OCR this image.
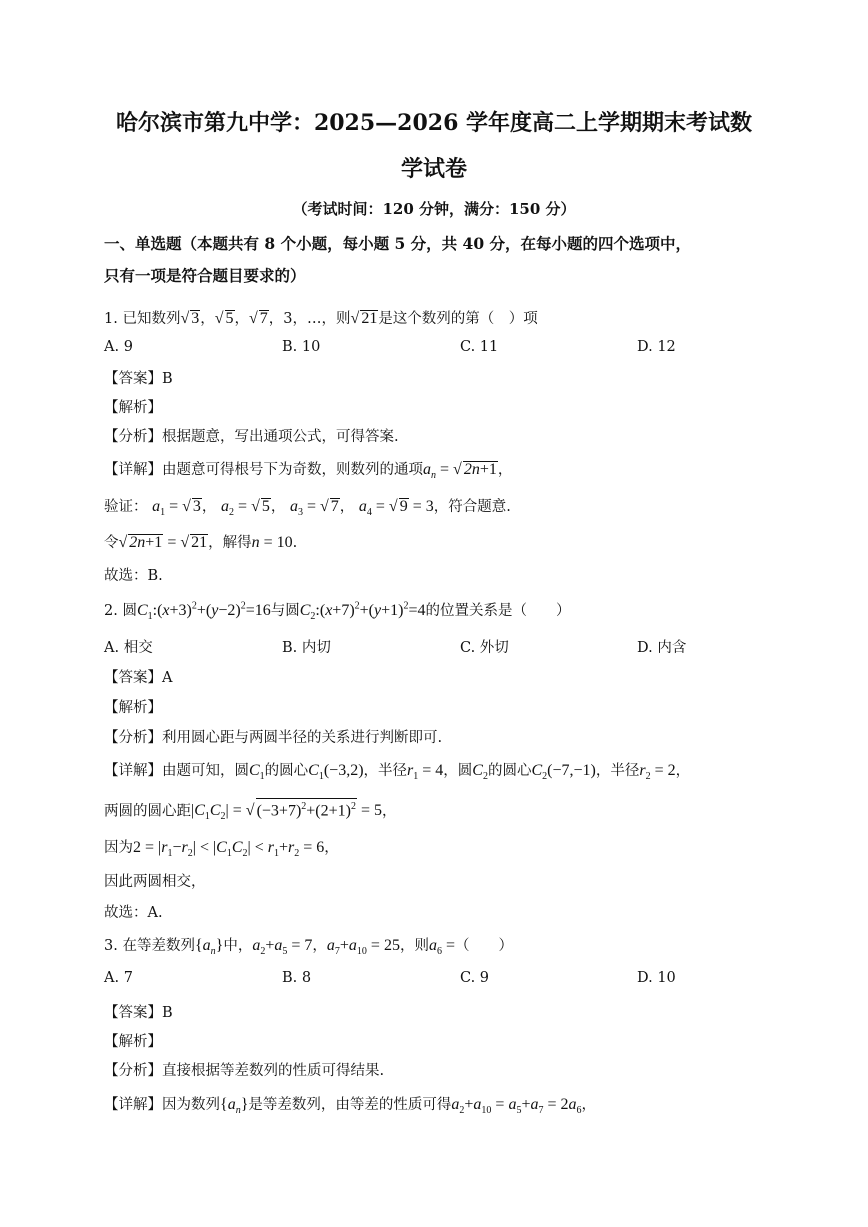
哈尔滨市第九中学：2025—2026 学年度高二上学期期末考试数
学试卷
（考试时间：120 分钟，满分：150 分）
一、单选题（本题共有 8 个小题，每小题 5 分，共 40 分，在每小题的四个选项中，
只有一项是符合题目要求的）
1. 已知数列√ 3，√ 5，√ 7，3，…，则√ 21是这个数列的第（　）项
A. 9	B. 10	C. 11	D. 12
【答案】B
【解析】
【分析】根据题意，写出通项公式，可得答案.
【详解】由题意可得根号下为奇数，则数列的通项$a_n$ = √ 2n+1，
验证： $a_1$ = √ 3， $a_2$ = √ 5， $a_3$ = √ 7， $a_4$ = √ 9 = 3，符合题意.
令√ 2n+1 = √ 21，解得n = 10.
故选：B.
2. 圆$C_1:(x+3)^2+(y-2)^2=16$与圆$C_2:(x+7)^2+(y+1)^2=4$的位置关系是（　　）
A. 相交	B. 内切	C. 外切	D. 内含
【答案】A
【解析】
【分析】利用圆心距与两圆半径的关系进行判断即可.
【详解】由题可知，圆$C_1$的圆心$C_1(-3,2)$，半径$r_1 = 4$，圆$C_2$的圆心$C_2(-7,-1)$，半径$r_2 = 2$，
两圆的圆心距$|C_1C_2|$ = √ $(-3+7)^2+(2+1)^2 = 5$，
因为$2 = |r_1-r_2| < |C_1C_2| < r_1+r_2 = 6$，
因此两圆相交，
故选：A.
3. 在等差数列$\{a_n\}$中，$a_2+a_5 = 7$，$a_7+a_{10} = 25$，则$a_6$ =（　　）
A. 7	B. 8	C. 9	D. 10
【答案】B
【解析】
【分析】直接根据等差数列的性质可得结果.
【详解】因为数列$\{a_n\}$是等差数列，由等差的性质可得$a_2+a_{10} = a_5+a_7 = 2a_6$，
